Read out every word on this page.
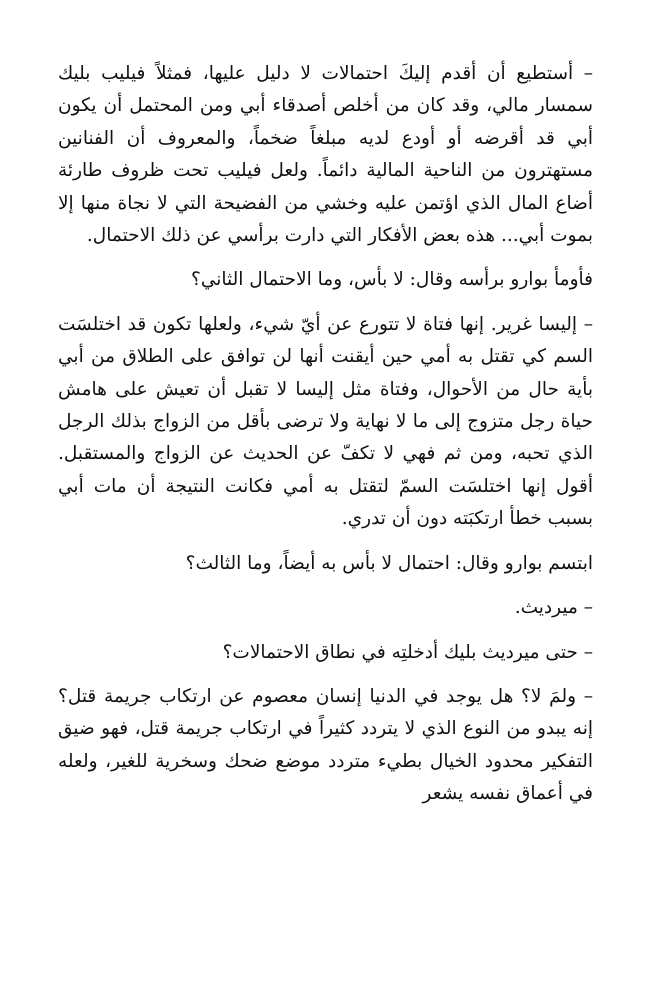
– أستطيع أن أقدم إليكَ احتمالات لا دليل عليها، فمثلاً فيليب بليك سمسار مالي، وقد كان من أخلص أصدقاء أبي ومن المحتمل أن يكون أبي قد أقرضه أو أودع لديه مبلغاً ضخماً، والمعروف أن الفنانين مستهترون من الناحية المالية دائماً. ولعل فيليب تحت ظروف طارئة أضاع المال الذي اؤتمن عليه وخشي من الفضيحة التي لا نجاة منها إلا بموت أبي... هذه بعض الأفكار التي دارت برأسي عن ذلك الاحتمال.

فأومأ بوارو برأسه وقال: لا بأس، وما الاحتمال الثاني؟

– إليسا غرير. إنها فتاة لا تتورع عن أيّ شيء، ولعلها تكون قد اختلسَت السم كي تقتل به أمي حين أيقنت أنها لن توافق على الطلاق من أبي بأية حال من الأحوال، وفتاة مثل إليسا لا تقبل أن تعيش على هامش حياة رجل متزوج إلى ما لا نهاية ولا ترضى بأقل من الزواج بذلك الرجل الذي تحبه، ومن ثم فهي لا تكفّ عن الحديث عن الزواج والمستقبل. أقول إنها اختلسَت السمّ لتقتل به أمي فكانت النتيجة أن مات أبي بسبب خطأ ارتكبَته دون أن تدري.

ابتسم بوارو وقال: احتمال لا بأس به أيضاً، وما الثالث؟

– ميرديث.

– حتى ميرديث بليك أدخلتِه في نطاق الاحتمالات؟

– ولمَ لا؟ هل يوجد في الدنيا إنسان معصوم عن ارتكاب جريمة قتل؟ إنه يبدو من النوع الذي لا يتردد كثيراً في ارتكاب جريمة قتل، فهو ضيق التفكير محدود الخيال بطيء متردد موضع ضحك وسخرية للغير، ولعله في أعماق نفسه يشعر
